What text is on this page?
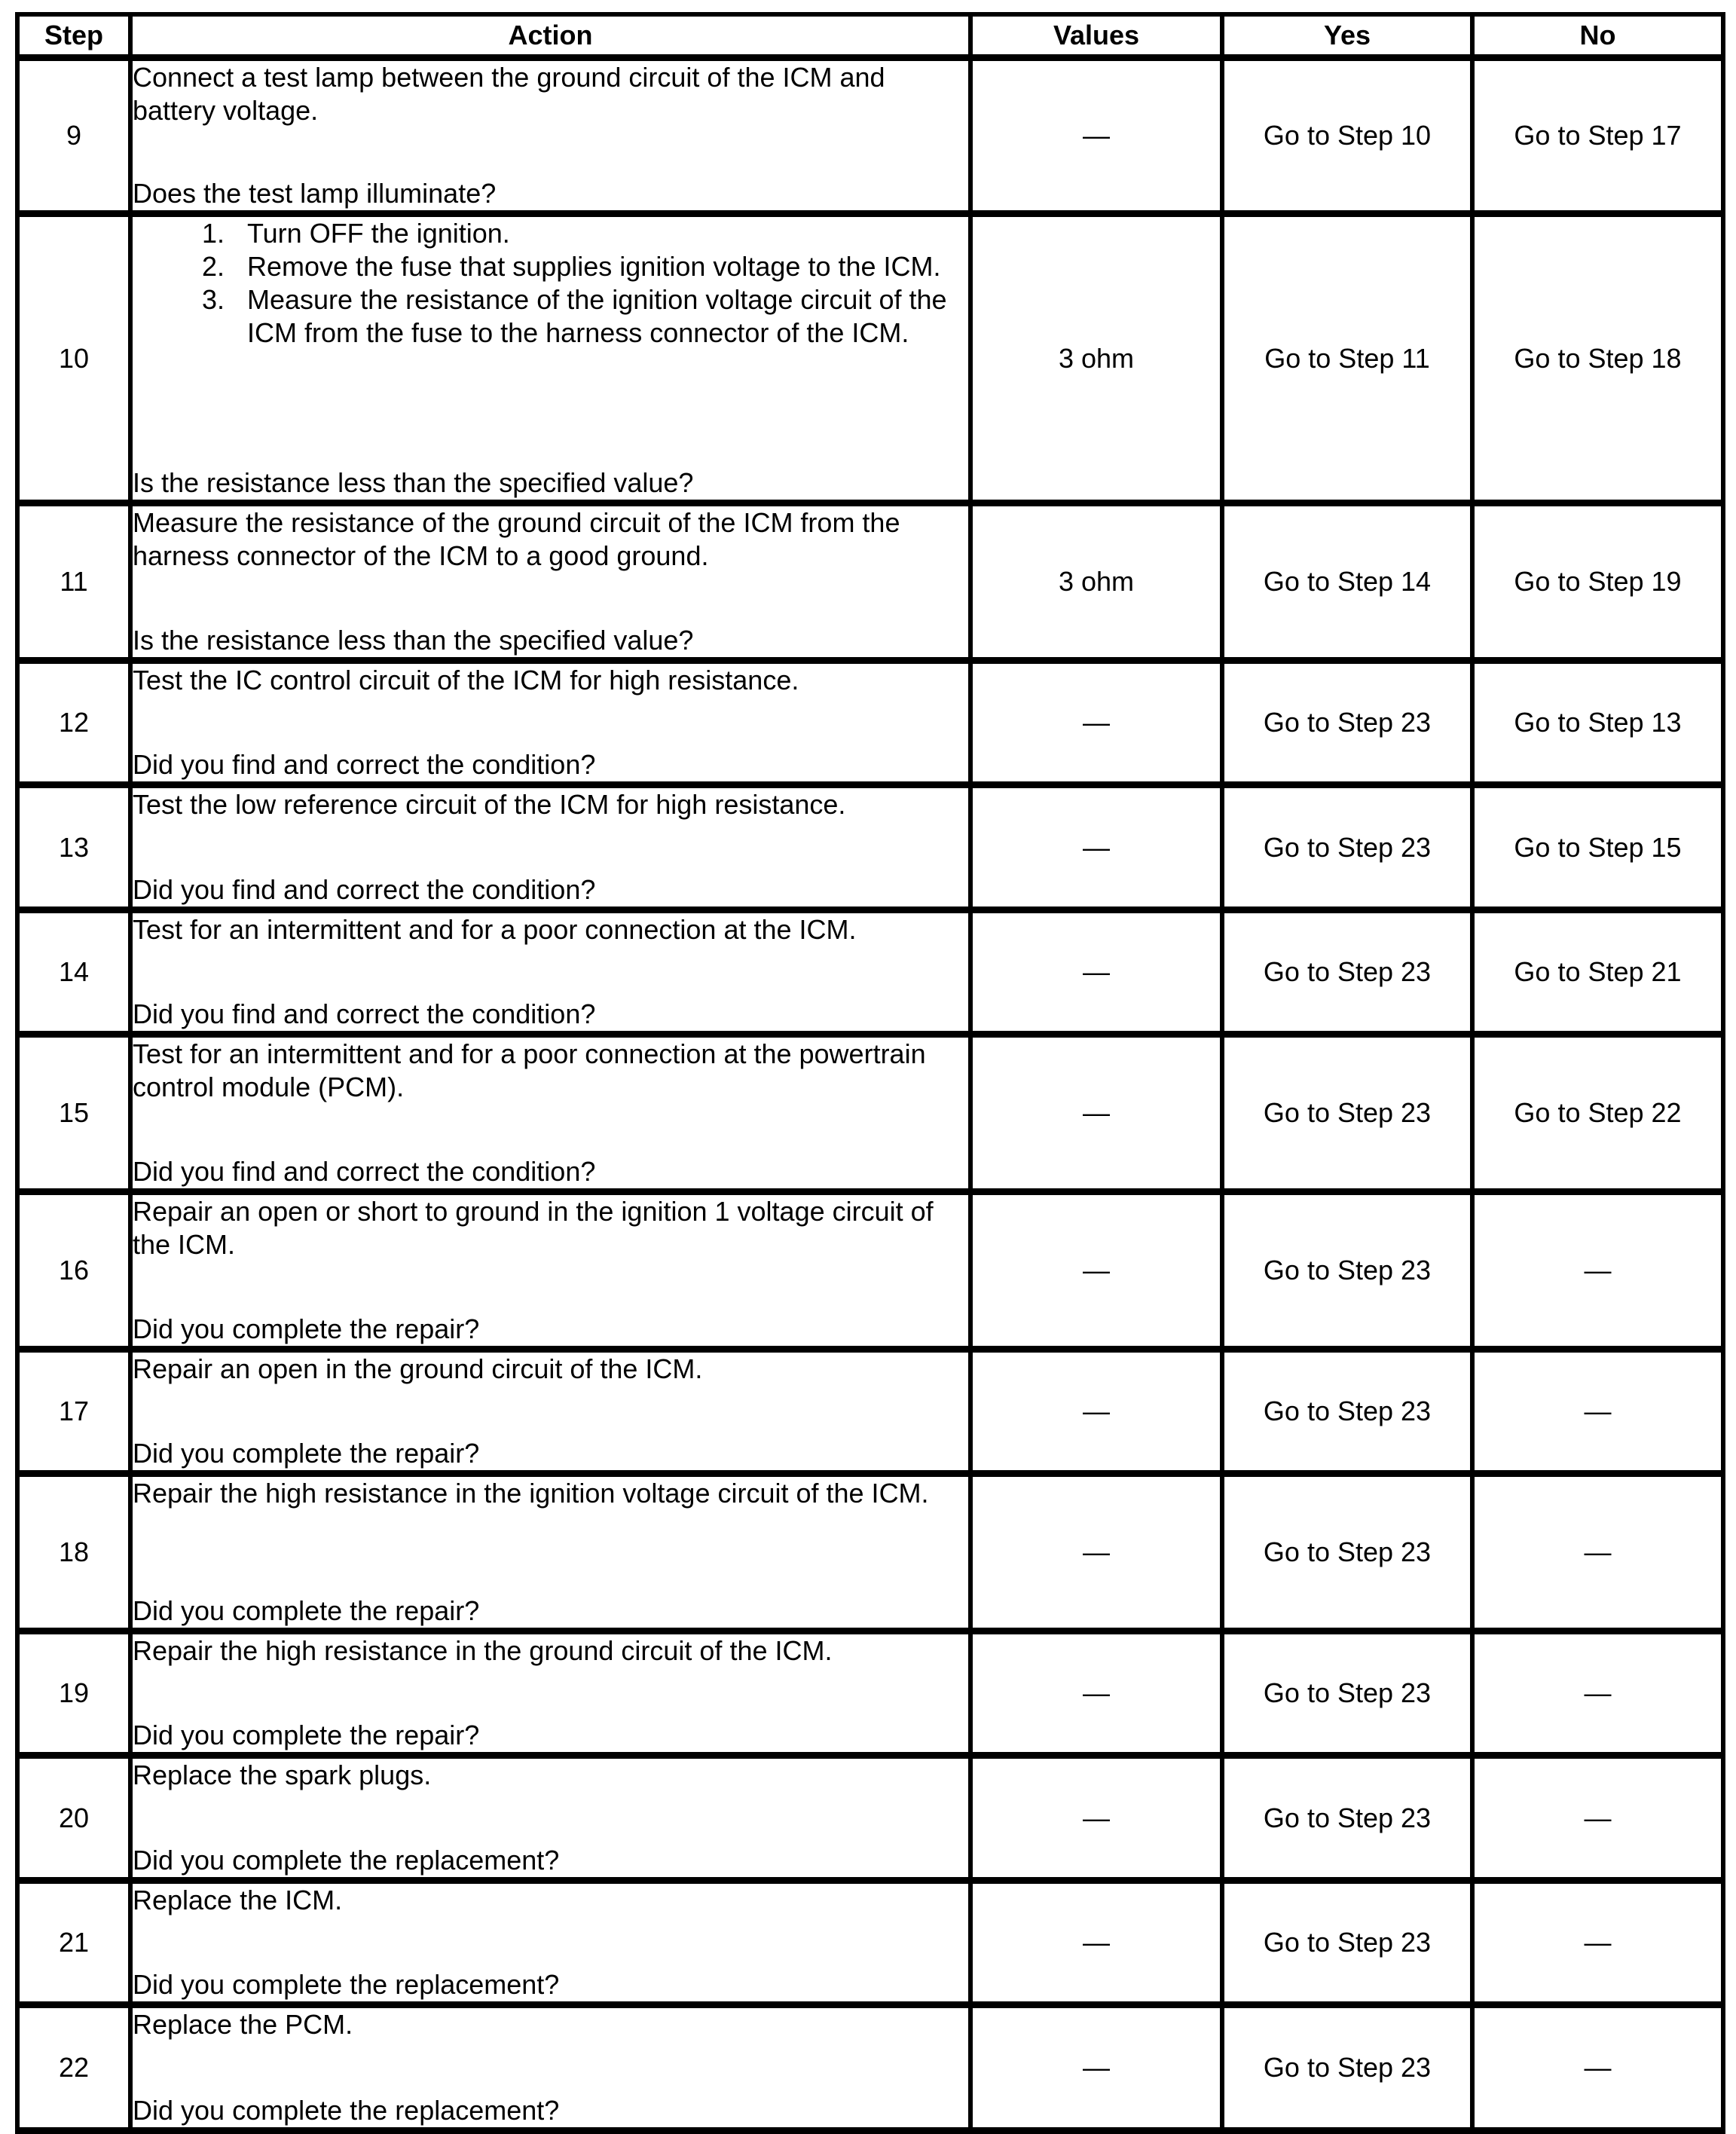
Step	Action	Values	Yes	No
9	Connect a test lamp between the ground circuit of the ICM and battery voltage.

Does the test lamp illuminate?	—	Go to Step 10	Go to Step 17
10	
1. Turn OFF the ignition.
2. Remove the fuse that supplies ignition voltage to the ICM.
3. Measure the resistance of the ignition voltage circuit of the ICM from the fuse to the harness connector of the ICM.

Is the resistance less than the specified value?

	3 ohm	Go to Step 11	Go to Step 18
11	Measure the resistance of the ground circuit of the ICM from the harness connector of the ICM to a good ground.

Is the resistance less than the specified value?	3 ohm	Go to Step 14	Go to Step 19
12	Test the IC control circuit of the ICM for high resistance.

Did you find and correct the condition?	—	Go to Step 23	Go to Step 13
13	Test the low reference circuit of the ICM for high resistance.

Did you find and correct the condition?	—	Go to Step 23	Go to Step 15
14	Test for an intermittent and for a poor connection at the ICM.

Did you find and correct the condition?	—	Go to Step 23	Go to Step 21
15	Test for an intermittent and for a poor connection at the powertrain control module (PCM).

Did you find and correct the condition?	—	Go to Step 23	Go to Step 22
16	Repair an open or short to ground in the ignition 1 voltage circuit of the ICM.

Did you complete the repair?	—	Go to Step 23	—
17	Repair an open in the ground circuit of the ICM.

Did you complete the repair?	—	Go to Step 23	—
18	Repair the high resistance in the ignition voltage circuit of the ICM.

Did you complete the repair?	—	Go to Step 23	—
19	Repair the high resistance in the ground circuit of the ICM.

Did you complete the repair?	—	Go to Step 23	—
20	Replace the spark plugs.

Did you complete the replacement?	—	Go to Step 23	—
21	Replace the ICM.

Did you complete the replacement?	—	Go to Step 23	—
22	Replace the PCM.

Did you complete the replacement?	—	Go to Step 23	—
